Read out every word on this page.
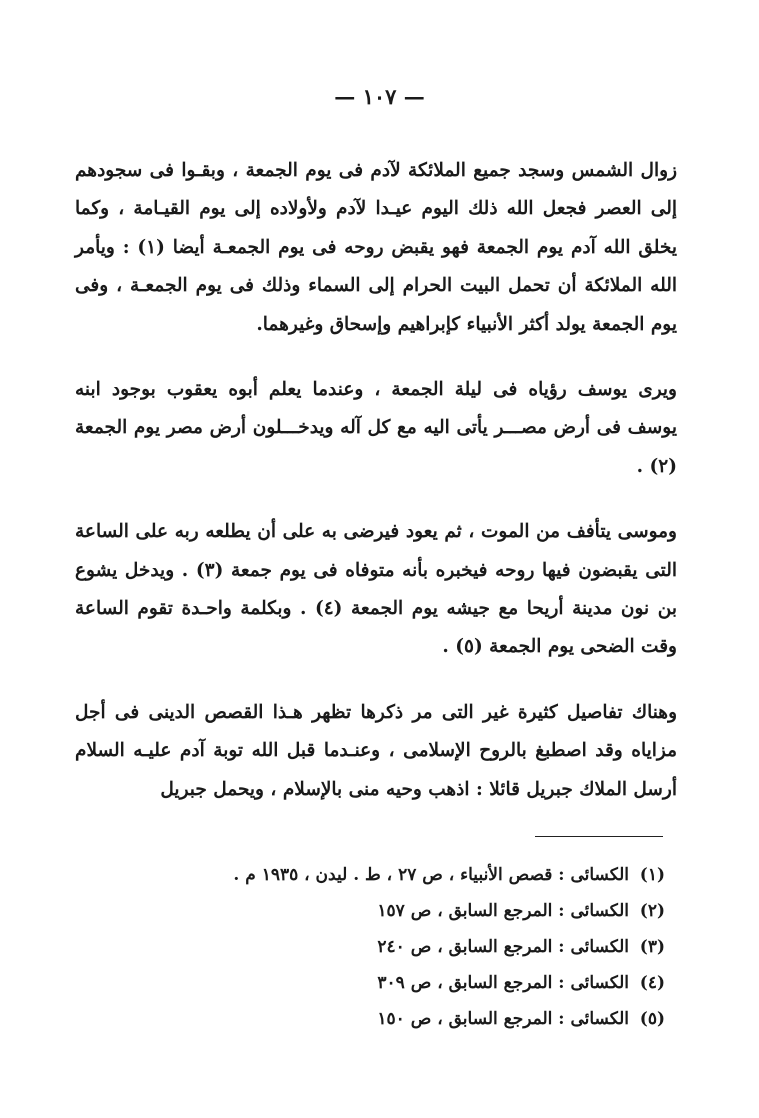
— ١٠٧ —

زوال الشمس وسجد جميع الملائكة لآدم فى يوم الجمعة ، وبقـوا فى سجودهم إلى العصر فجعل الله ذلك اليوم عيـدا لآدم ولأولاده إلى يوم القيـامة ، وكما يخلق الله آدم يوم الجمعة فهو يقبض روحه فى يوم الجمعـة أيضا (١) : ويأمر الله الملائكة أن تحمل البيت الحرام إلى السماء وذلك فى يوم الجمعـة ، وفى يوم الجمعة يولد أكثر الأنبياء كإبراهيم وإسحاق وغيرهما.

ويرى يوسف رؤياه فى ليلة الجمعة ، وعندما يعلم أبوه يعقوب بوجود ابنه يوسف فى أرض مصـــر يأتى اليه مع كل آله ويدخـــلون أرض مصر يوم الجمعة (٢) .

وموسى يتأفف من الموت ، ثم يعود فيرضى به على أن يطلعه ربه على الساعة التى يقبضون فيها روحه فيخبره بأنه متوفاه فى يوم جمعة (٣) . ويدخل يشوع بن نون مدينة أريحا مع جيشه يوم الجمعة (٤) . وبكلمة واحـدة تقوم الساعة وقت الضحى يوم الجمعة (٥) .

وهناك تفاصيل كثيرة غير التى مر ذكرها تظهر هـذا القصص الدينى فى أجل مزاياه وقد اصطبغ بالروح الإسلامى ، وعنـدما قبل الله توبة آدم عليـه السلام أرسل الملاك جبريل قائلا : اذهب وحيه منى بالإسلام ، ويحمل جبريل

(١)الكسائى : قصص الأنبياء ، ص ٢٧ ، ط . ليدن ، ١٩٣٥ م .
(٢)الكسائى : المرجع السابق ، ص ١٥٧
(٣)الكسائى : المرجع السابق ، ص ٢٤٠
(٤)الكسائى : المرجع السابق ، ص ٣٠٩
(٥)الكسائى : المرجع السابق ، ص ١٥٠
